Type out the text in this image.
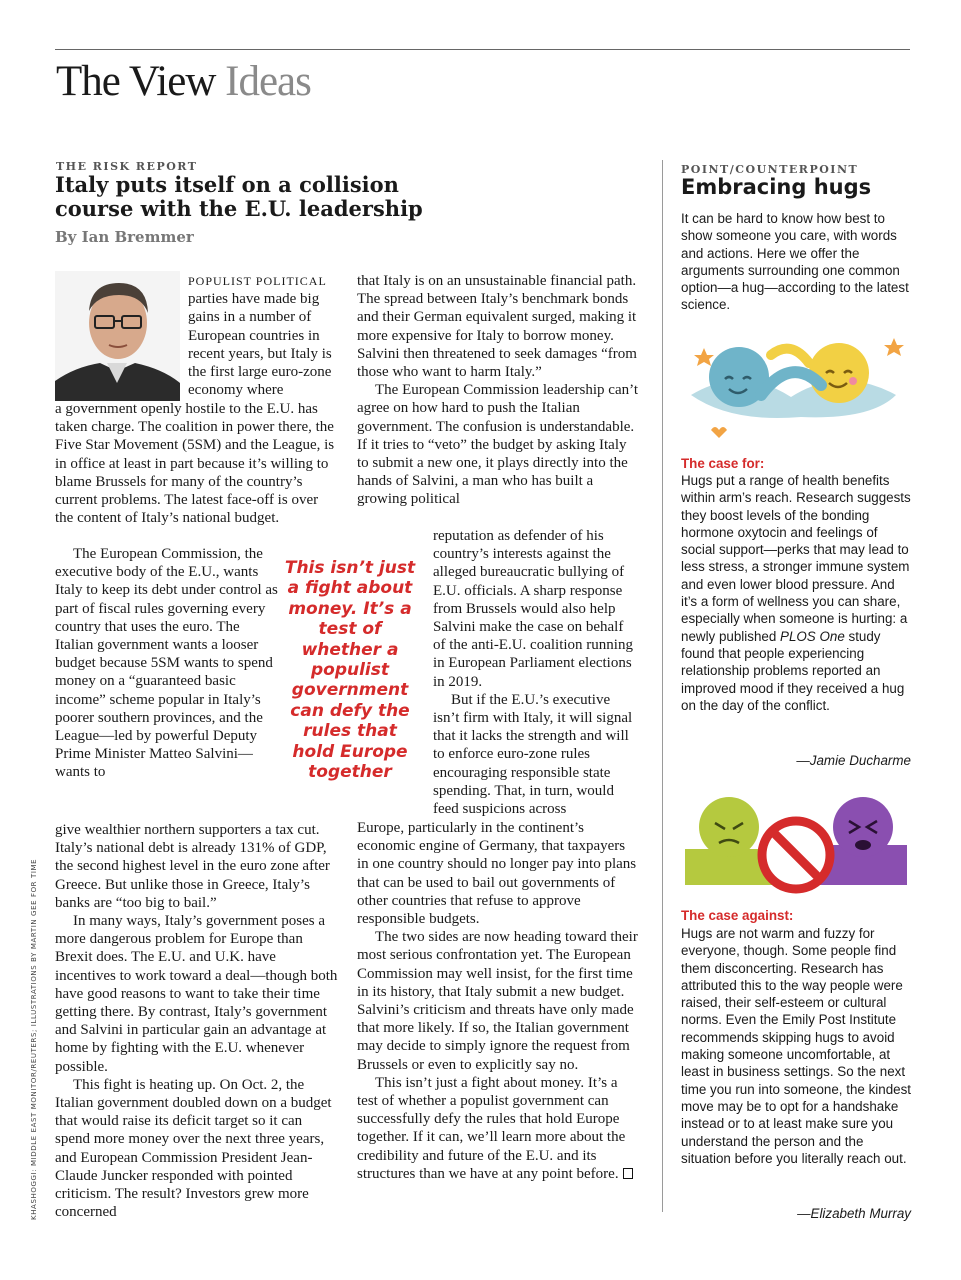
The View Ideas
THE RISK REPORT
Italy puts itself on a collision course with the E.U. leadership
By Ian Bremmer
POPULIST POLITICAL parties have made big gains in a number of European countries in recent years, but Italy is the first large euro-zone economy where

a government openly hostile to the E.U. has taken charge. The coalition in power there, the Five Star Movement (5SM) and the League, is in office at least in part because it’s willing to blame Brussels for many of the country’s current problems. The latest face-off is over the content of Italy’s national budget.

The European Commission, the executive body of the E.U., wants Italy to keep its debt under control as part of fiscal rules governing every country that uses the euro. The Italian government wants a looser budget because 5SM wants to spend money on a “guaranteed basic income” scheme popular in Italy’s poorer southern provinces, and the League—led by powerful Deputy Prime Minister Matteo Salvini—wants to

give wealthier northern supporters a tax cut. Italy’s national debt is already 131% of GDP, the second highest level in the euro zone after Greece. But unlike those in Greece, Italy’s banks are “too big to bail.”

In many ways, Italy’s government poses a more dangerous problem for Europe than Brexit does. The E.U. and U.K. have incentives to work toward a deal—though both have good reasons to want to take their time getting there. By contrast, Italy’s government and Salvini in particular gain an advantage at home by fighting with the E.U. whenever possible.

This fight is heating up. On Oct. 2, the Italian government doubled down on a budget that would raise its deficit target so it can spend more money over the next three years, and European Commission President Jean-Claude Juncker responded with pointed criticism. The result? Investors grew more concerned

This isn’t just a fight about money. It’s a test of whether a populist government can defy the rules that hold Europe together

that Italy is on an unsustainable financial path. The spread between Italy’s benchmark bonds and their German equivalent surged, making it more expensive for Italy to borrow money. Salvini then threatened to seek damages “from those who want to harm Italy.”

The European Commission leadership can’t agree on how hard to push the Italian government. The confusion is understandable. If it tries to “veto” the budget by asking Italy to submit a new one, it plays directly into the hands of Salvini, a man who has built a growing political

reputation as defender of his country’s interests against the alleged bureaucratic bullying of E.U. officials. A sharp response from Brussels would also help Salvini make the case on behalf of the anti-E.U. coalition running in European Parliament elections in 2019.

But if the E.U.’s executive isn’t firm with Italy, it will signal that it lacks the strength and will to enforce euro-zone rules encouraging responsible state spending. That, in turn, would feed suspicions across

Europe, particularly in the continent’s economic engine of Germany, that taxpayers in one country should no longer pay into plans that can be used to bail out governments of other countries that refuse to approve responsible budgets.

The two sides are now heading toward their most serious confrontation yet. The European Commission may well insist, for the first time in its history, that Italy submit a new budget. Salvini’s criticism and threats have only made that more likely. If so, the Italian government may decide to simply ignore the request from Brussels or even to explicitly say no.

This isn’t just a fight about money. It’s a test of whether a populist government can successfully defy the rules that hold Europe together. If it can, we’ll learn more about the credibility and future of the E.U. and its structures than we have at any point before.

KHASHOGGI: MIDDLE EAST MONITOR/REUTERS; ILLUSTRATIONS BY MARTIN GEE FOR TIME
POINT/COUNTERPOINT
Embracing hugs
It can be hard to know how best to show someone you care, with words and actions. Here we offer the arguments surrounding one common option—a hug—according to the latest science.
The case for:
Hugs put a range of health benefits within arm’s reach. Research suggests they boost levels of the bonding hormone oxytocin and feelings of social support—perks that may lead to less stress, a stronger immune system and even lower blood pressure. And it’s a form of wellness you can share, especially when someone is hurting: a newly published PLOS One study found that people experiencing relationship problems reported an improved mood if they received a hug on the day of the conflict.
—Jamie Ducharme
The case against:
Hugs are not warm and fuzzy for everyone, though. Some people find them disconcerting. Research has attributed this to the way people were raised, their self-esteem or cultural norms. Even the Emily Post Institute recommends skipping hugs to avoid making someone uncomfortable, at least in business settings. So the next time you run into someone, the kindest move may be to opt for a handshake instead or to at least make sure you understand the person and the situation before you literally reach out.
—Elizabeth Murray
